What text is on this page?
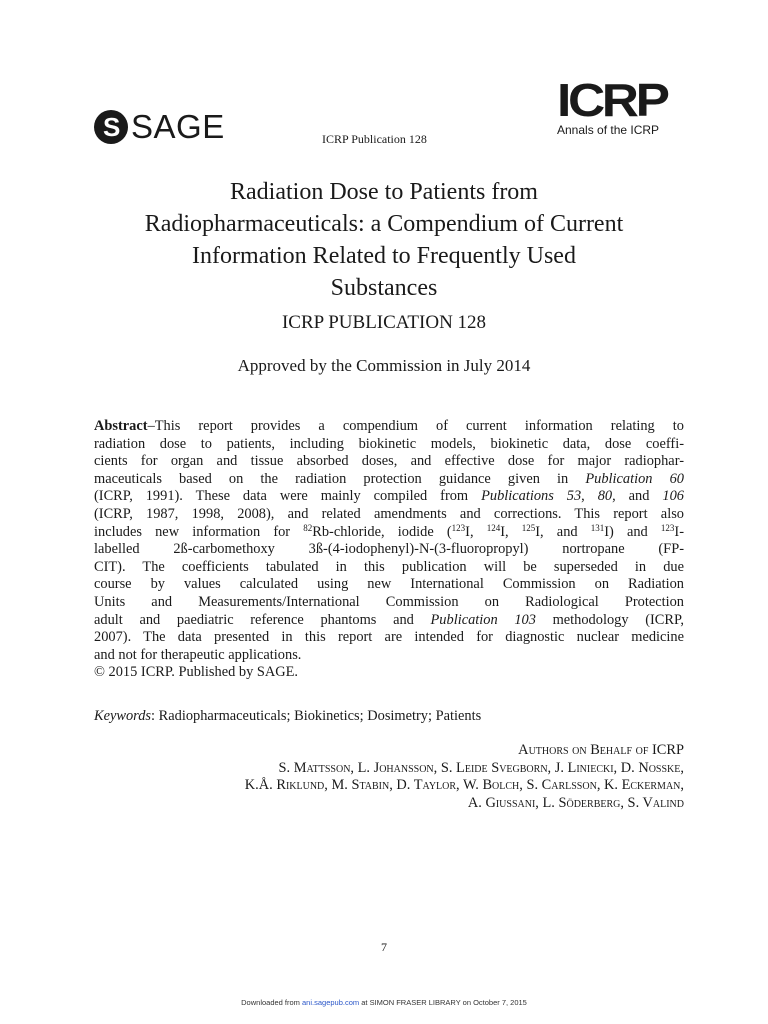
S SAGE	ICRP Publication 128
ICRP
Annals of the ICRP
Radiation Dose to Patients from
Radiopharmaceuticals: a Compendium of Current
Information Related to Frequently Used
Substances
ICRP PUBLICATION 128
Approved by the Commission in July 2014
Abstract–This report provides a compendium of current information relating to
radiation dose to patients, including biokinetic models, biokinetic data, dose coeffi-
cients for organ and tissue absorbed doses, and effective dose for major radiophar-
maceuticals based on the radiation protection guidance given in Publication 60
(ICRP, 1991). These data were mainly compiled from Publications 53, 80, and 106
(ICRP, 1987, 1998, 2008), and related amendments and corrections. This report also
includes new information for $^{82}$Rb-chloride, iodide ($^{123}$I, $^{124}$I, $^{125}$I, and $^{131}$I) and $^{123}$I-
labelled 2ß-carbomethoxy 3ß-(4-iodophenyl)-N-(3-fluoropropyl) nortropane (FP-
CIT). The coefficients tabulated in this publication will be superseded in due
course by values calculated using new International Commission on Radiation
Units and Measurements/International Commission on Radiological Protection
adult and paediatric reference phantoms and Publication 103 methodology (ICRP,
2007). The data presented in this report are intended for diagnostic nuclear medicine
and not for therapeutic applications.
© 2015 ICRP. Published by SAGE.
Keywords: Radiopharmaceuticals; Biokinetics; Dosimetry; Patients
Authors on Behalf of ICRP
S. Mattsson, L. Johansson, S. Leide Svegborn, J. Liniecki, D. Noßke,
K.Å. Riklund, M. Stabin, D. Taylor, W. Bolch, S. Carlsson, K. Eckerman,
A. Giussani, L. Söderberg, S. Valind
7
Downloaded from ani.sagepub.com at SIMON FRASER LIBRARY on October 7, 2015
